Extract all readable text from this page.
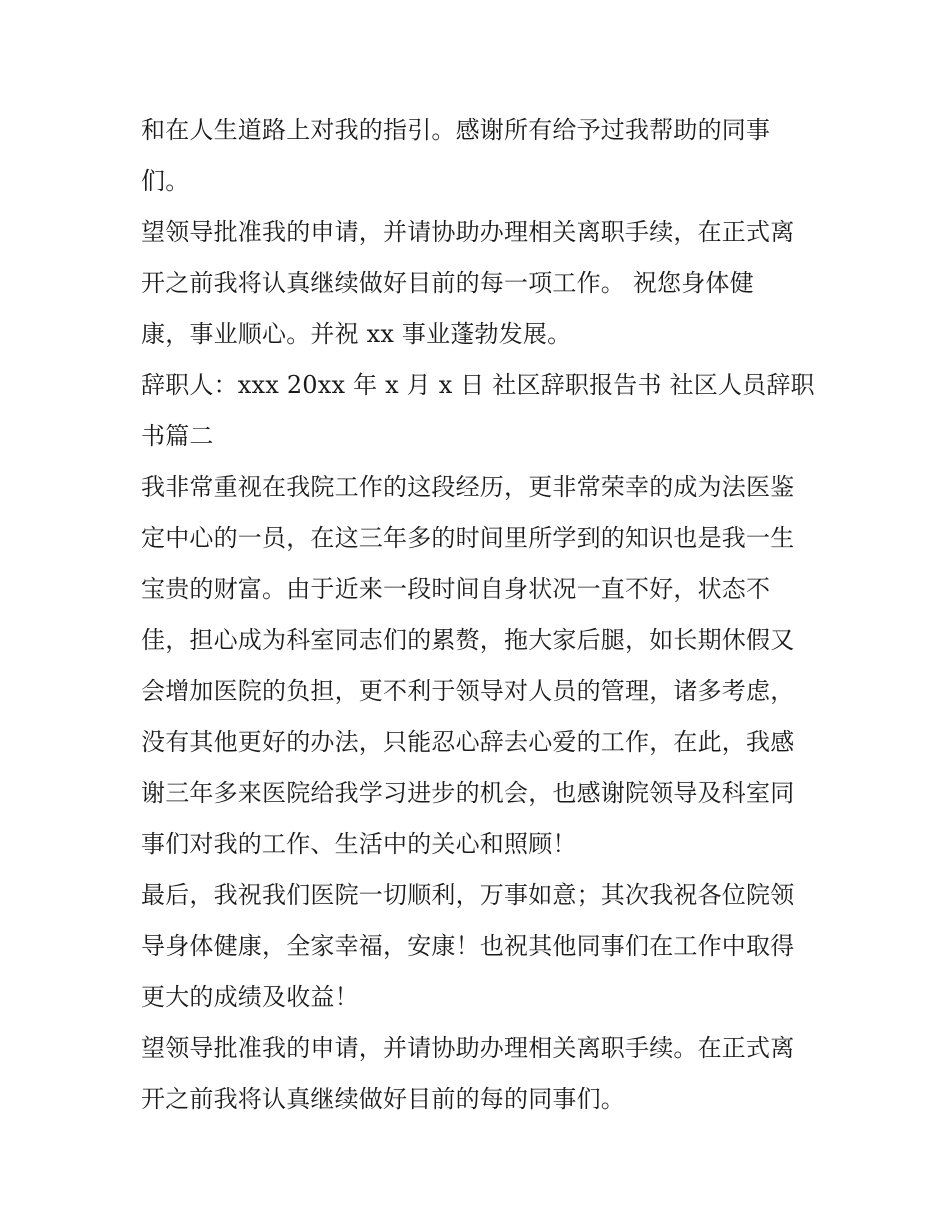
和在人生道路上对我的指引。感谢所有给予过我帮助的同事
们。
望领导批准我的申请，并请协助办理相关离职手续，在正式离
开之前我将认真继续做好目前的每一项工作。 祝您身体健
康，事业顺心。并祝 xx 事业蓬勃发展。
辞职人：xxx 20xx 年 x 月 x 日 社区辞职报告书 社区人员辞职
书篇二
我非常重视在我院工作的这段经历，更非常荣幸的成为法医鉴
定中心的一员，在这三年多的时间里所学到的知识也是我一生
宝贵的财富。由于近来一段时间自身状况一直不好，状态不
佳，担心成为科室同志们的累赘，拖大家后腿，如长期休假又
会增加医院的负担，更不利于领导对人员的管理，诸多考虑，
没有其他更好的办法，只能忍心辞去心爱的工作，在此，我感
谢三年多来医院给我学习进步的机会，也感谢院领导及科室同
事们对我的工作、生活中的关心和照顾！
最后，我祝我们医院一切顺利，万事如意；其次我祝各位院领
导身体健康，全家幸福，安康！也祝其他同事们在工作中取得
更大的成绩及收益！
望领导批准我的申请，并请协助办理相关离职手续。在正式离
开之前我将认真继续做好目前的每的同事们。
